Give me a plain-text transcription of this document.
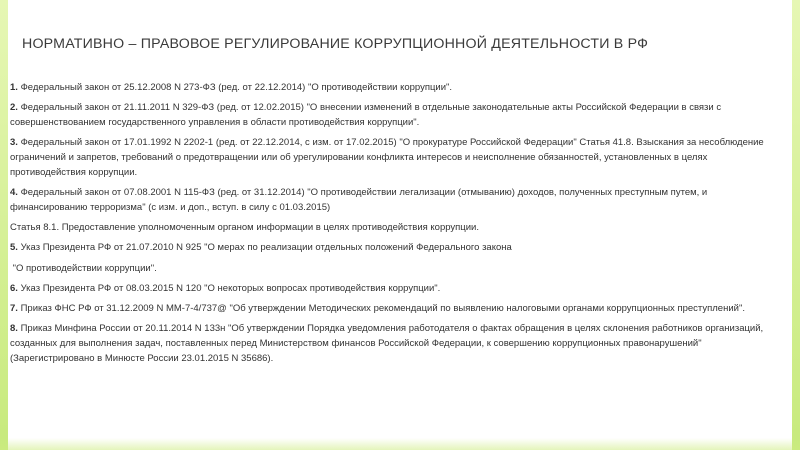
НОРМАТИВНО – ПРАВОВОЕ РЕГУЛИРОВАНИЕ КОРРУПЦИОННОЙ ДЕЯТЕЛЬНОСТИ В РФ

1. Федеральный закон от 25.12.2008 N 273-ФЗ (ред. от 22.12.2014) "О противодействии коррупции".

2. Федеральный закон от 21.11.2011 N 329-ФЗ (ред. от 12.02.2015) "О внесении изменений в отдельные законодательные акты Российской Федерации в связи с совершенствованием государственного управления в области противодействия коррупции".

3. Федеральный закон от 17.01.1992 N 2202-1 (ред. от 22.12.2014, с изм. от 17.02.2015) "О прокуратуре Российской Федерации" Статья 41.8. Взыскания за несоблюдение ограничений и запретов, требований о предотвращении или об урегулировании конфликта интересов и неисполнение обязанностей, установленных в целях противодействия коррупции.

4. Федеральный закон от 07.08.2001 N 115-ФЗ (ред. от 31.12.2014) "О противодействии легализации (отмыванию) доходов, полученных преступным путем, и финансированию терроризма" (с изм. и доп., вступ. в силу с 01.03.2015)

Статья 8.1. Предоставление уполномоченным органом информации в целях противодействия коррупции.

5. Указ Президента РФ от 21.07.2010 N 925 "О мерах по реализации отдельных положений Федерального закона

"О противодействии коррупции".

6. Указ Президента РФ от 08.03.2015 N 120 "О некоторых вопросах противодействия коррупции".

7. Приказ ФНС РФ от 31.12.2009 N ММ-7-4/737@ "Об утверждении Методических рекомендаций по выявлению налоговыми органами коррупционных преступлений".

8. Приказ Минфина России от 20.11.2014 N 133н "Об утверждении Порядка уведомления работодателя о фактах обращения в целях склонения работников организаций, созданных для выполнения задач, поставленных перед Министерством финансов Российской Федерации, к совершению коррупционных правонарушений" (Зарегистрировано в Минюсте России 23.01.2015 N 35686).
